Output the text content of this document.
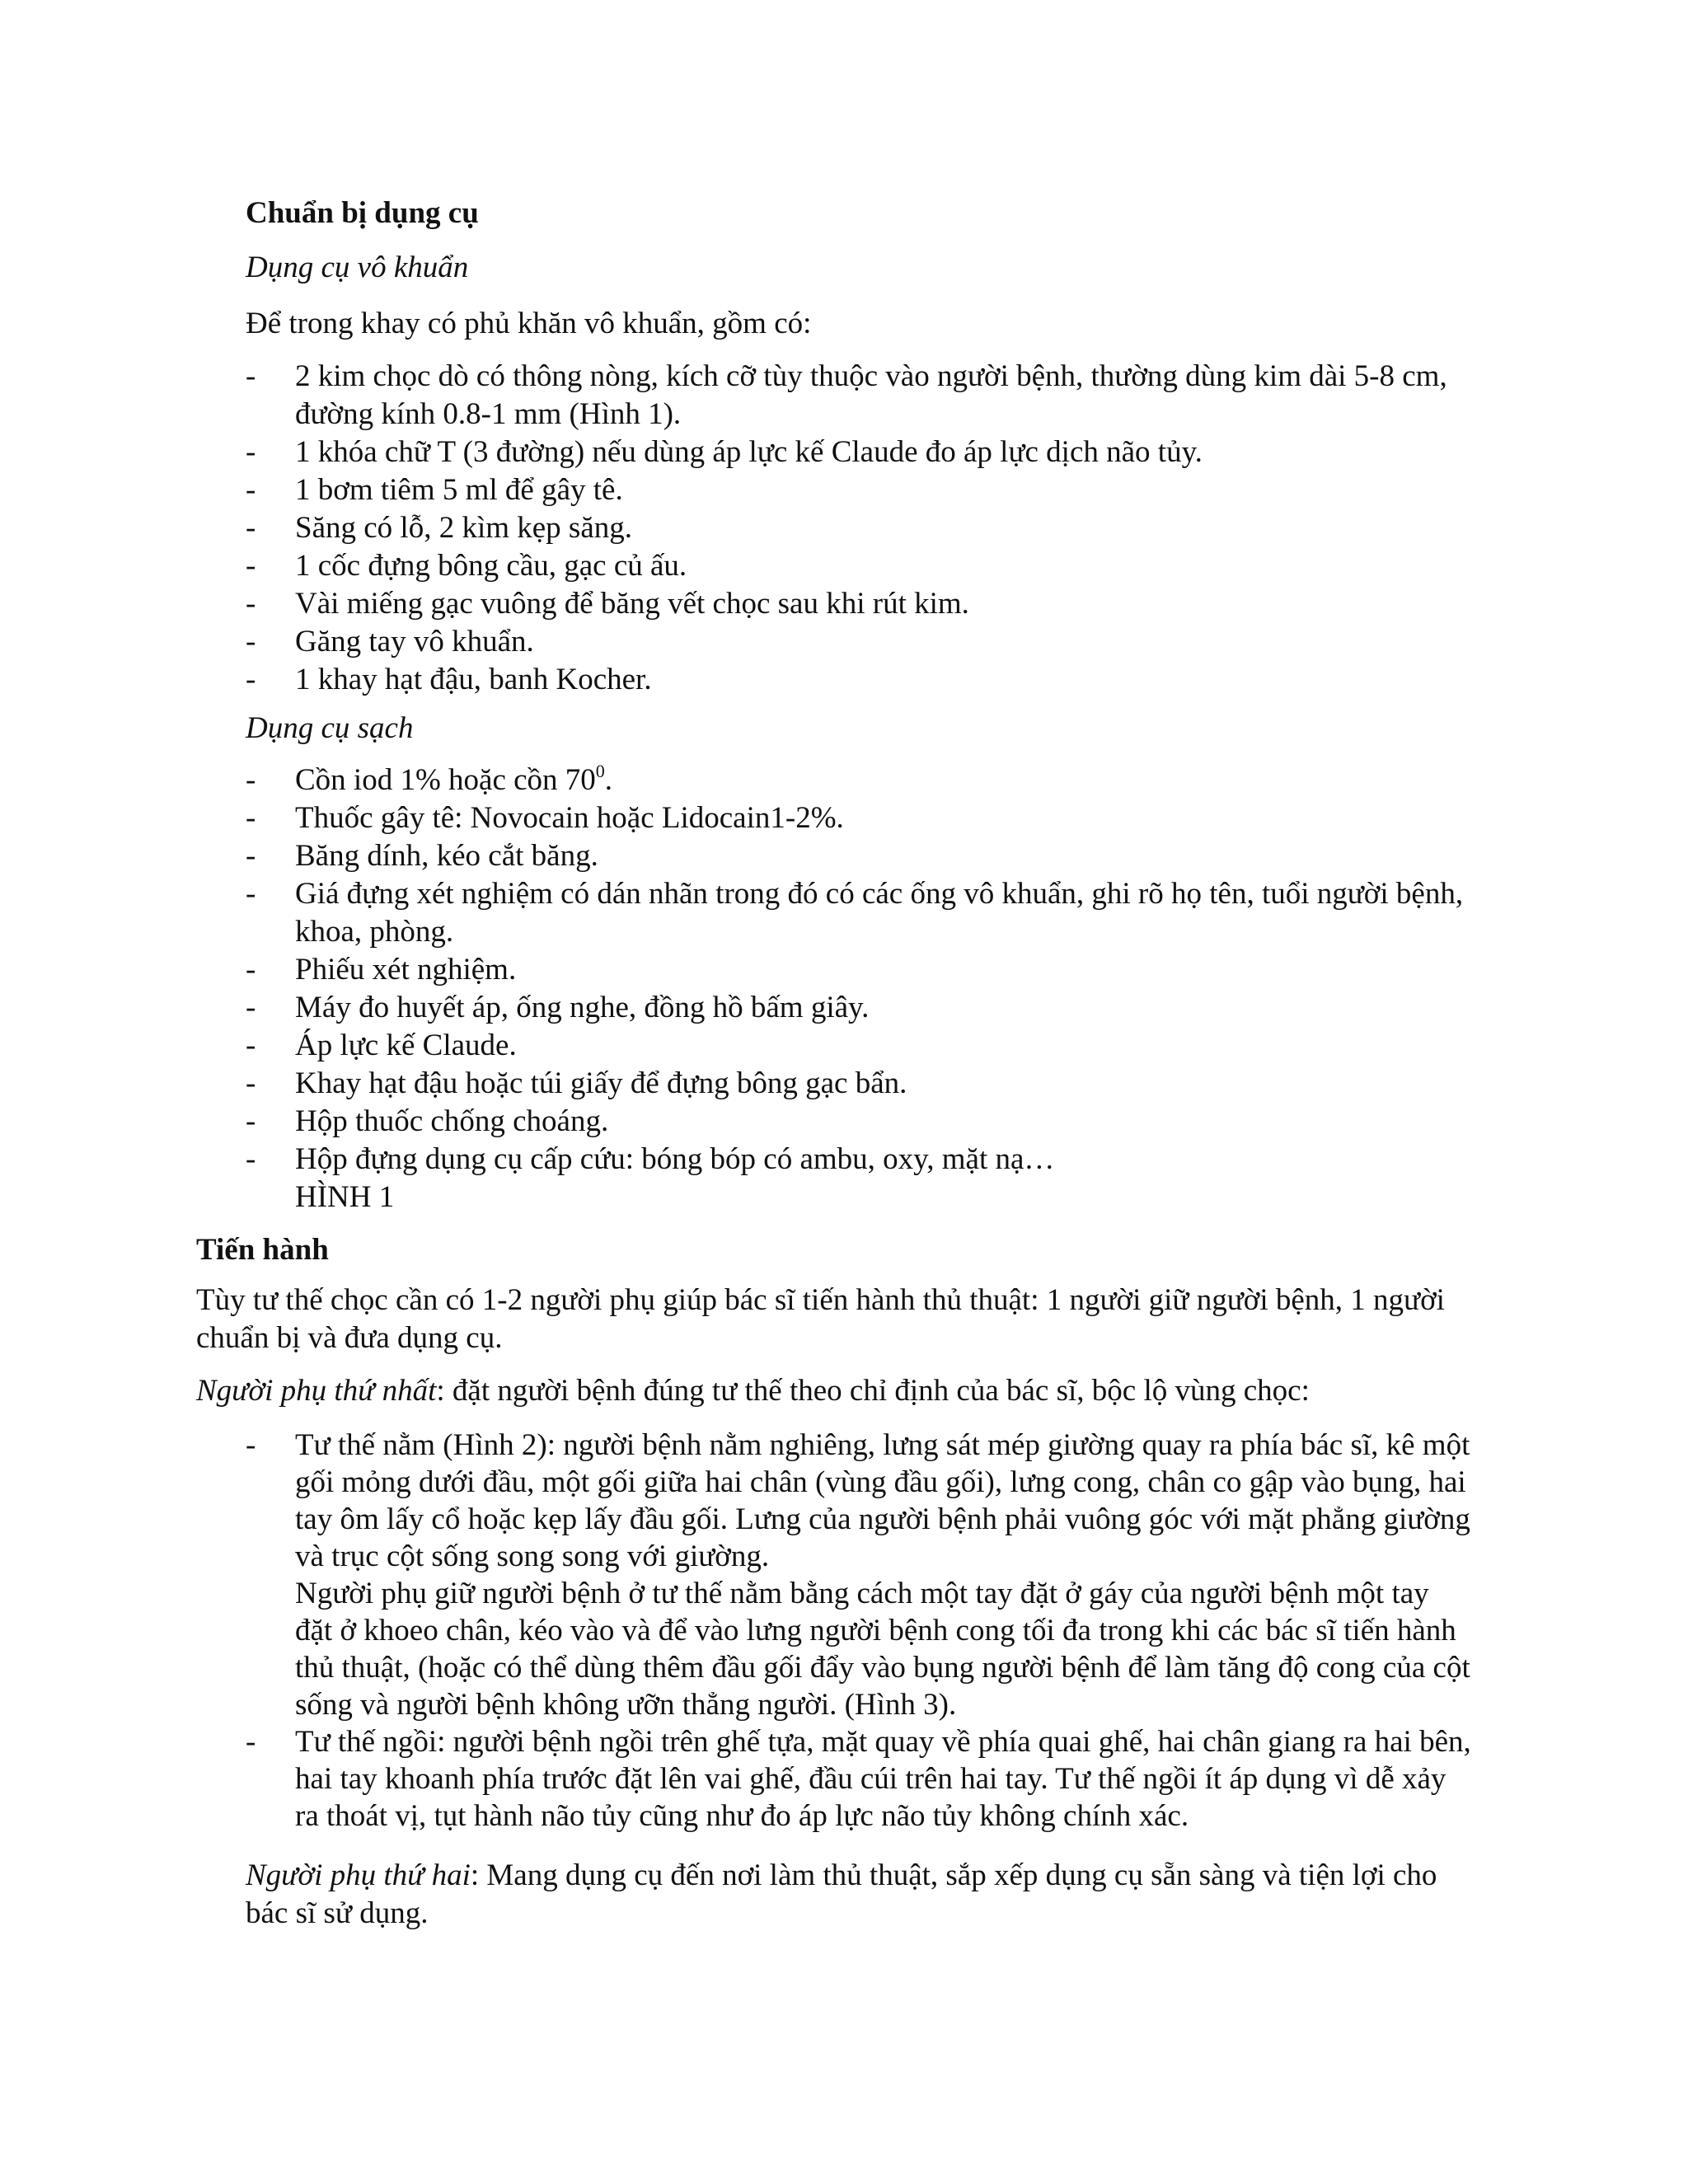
Chuẩn bị dụng cụ

Dụng cụ vô khuẩn

Để trong khay có phủ khăn vô khuẩn, gồm có:

- 2 kim chọc dò có thông nòng, kích cỡ tùy thuộc vào người bệnh, thường dùng kim dài 5-8 cm, đường kính 0.8-1 mm (Hình 1).
- 1 khóa chữ T (3 đường) nếu dùng áp lực kế Claude đo áp lực dịch não tủy.
- 1 bơm tiêm 5 ml để gây tê.
- Săng có lỗ, 2 kìm kẹp săng.
- 1 cốc đựng bông cầu, gạc củ ấu.
- Vài miếng gạc vuông để băng vết chọc sau khi rút kim.
- Găng tay vô khuẩn.
- 1 khay hạt đậu, banh Kocher.

Dụng cụ sạch

- Cồn iod 1% hoặc cồn $70^0$.
- Thuốc gây tê: Novocain hoặc Lidocain1-2%.
- Băng dính, kéo cắt băng.
- Giá đựng xét nghiệm có dán nhãn trong đó có các ống vô khuẩn, ghi rõ họ tên, tuổi người bệnh, khoa, phòng.
- Phiếu xét nghiệm.
- Máy đo huyết áp, ống nghe, đồng hồ bấm giây.
- Áp lực kế Claude.
- Khay hạt đậu hoặc túi giấy để đựng bông gạc bẩn.
- Hộp thuốc chống choáng.
- Hộp đựng dụng cụ cấp cứu: bóng bóp có ambu, oxy, mặt nạ…
HÌNH 1

Tiến hành

Tùy tư thế chọc cần có 1-2 người phụ giúp bác sĩ tiến hành thủ thuật: 1 người giữ người bệnh, 1 người chuẩn bị và đưa dụng cụ.

Người phụ thứ nhất: đặt người bệnh đúng tư thế theo chỉ định của bác sĩ, bộc lộ vùng chọc:

- Tư thế nằm (Hình 2): người bệnh nằm nghiêng, lưng sát mép giường quay ra phía bác sĩ, kê một gối mỏng dưới đầu, một gối giữa hai chân (vùng đầu gối), lưng cong, chân co gập vào bụng, hai tay ôm lấy cổ hoặc kẹp lấy đầu gối. Lưng của người bệnh phải vuông góc với mặt phẳng giường và trục cột sống song song với giường.
Người phụ giữ người bệnh ở tư thế nằm bằng cách một tay đặt ở gáy của người bệnh một tay đặt ở khoeo chân, kéo vào và để vào lưng người bệnh cong tối đa trong khi các bác sĩ tiến hành thủ thuật, (hoặc có thể dùng thêm đầu gối đẩy vào bụng người bệnh để làm tăng độ cong của cột sống và người bệnh không ưỡn thẳng người. (Hình 3).
- Tư thế ngồi: người bệnh ngồi trên ghế tựa, mặt quay về phía quai ghế, hai chân giang ra hai bên, hai tay khoanh phía trước đặt lên vai ghế, đầu cúi trên hai tay. Tư thế ngồi ít áp dụng vì dễ xảy ra thoát vị, tụt hành não tủy cũng như đo áp lực não tủy không chính xác.

Người phụ thứ hai: Mang dụng cụ đến nơi làm thủ thuật, sắp xếp dụng cụ sẵn sàng và tiện lợi cho bác sĩ sử dụng.
